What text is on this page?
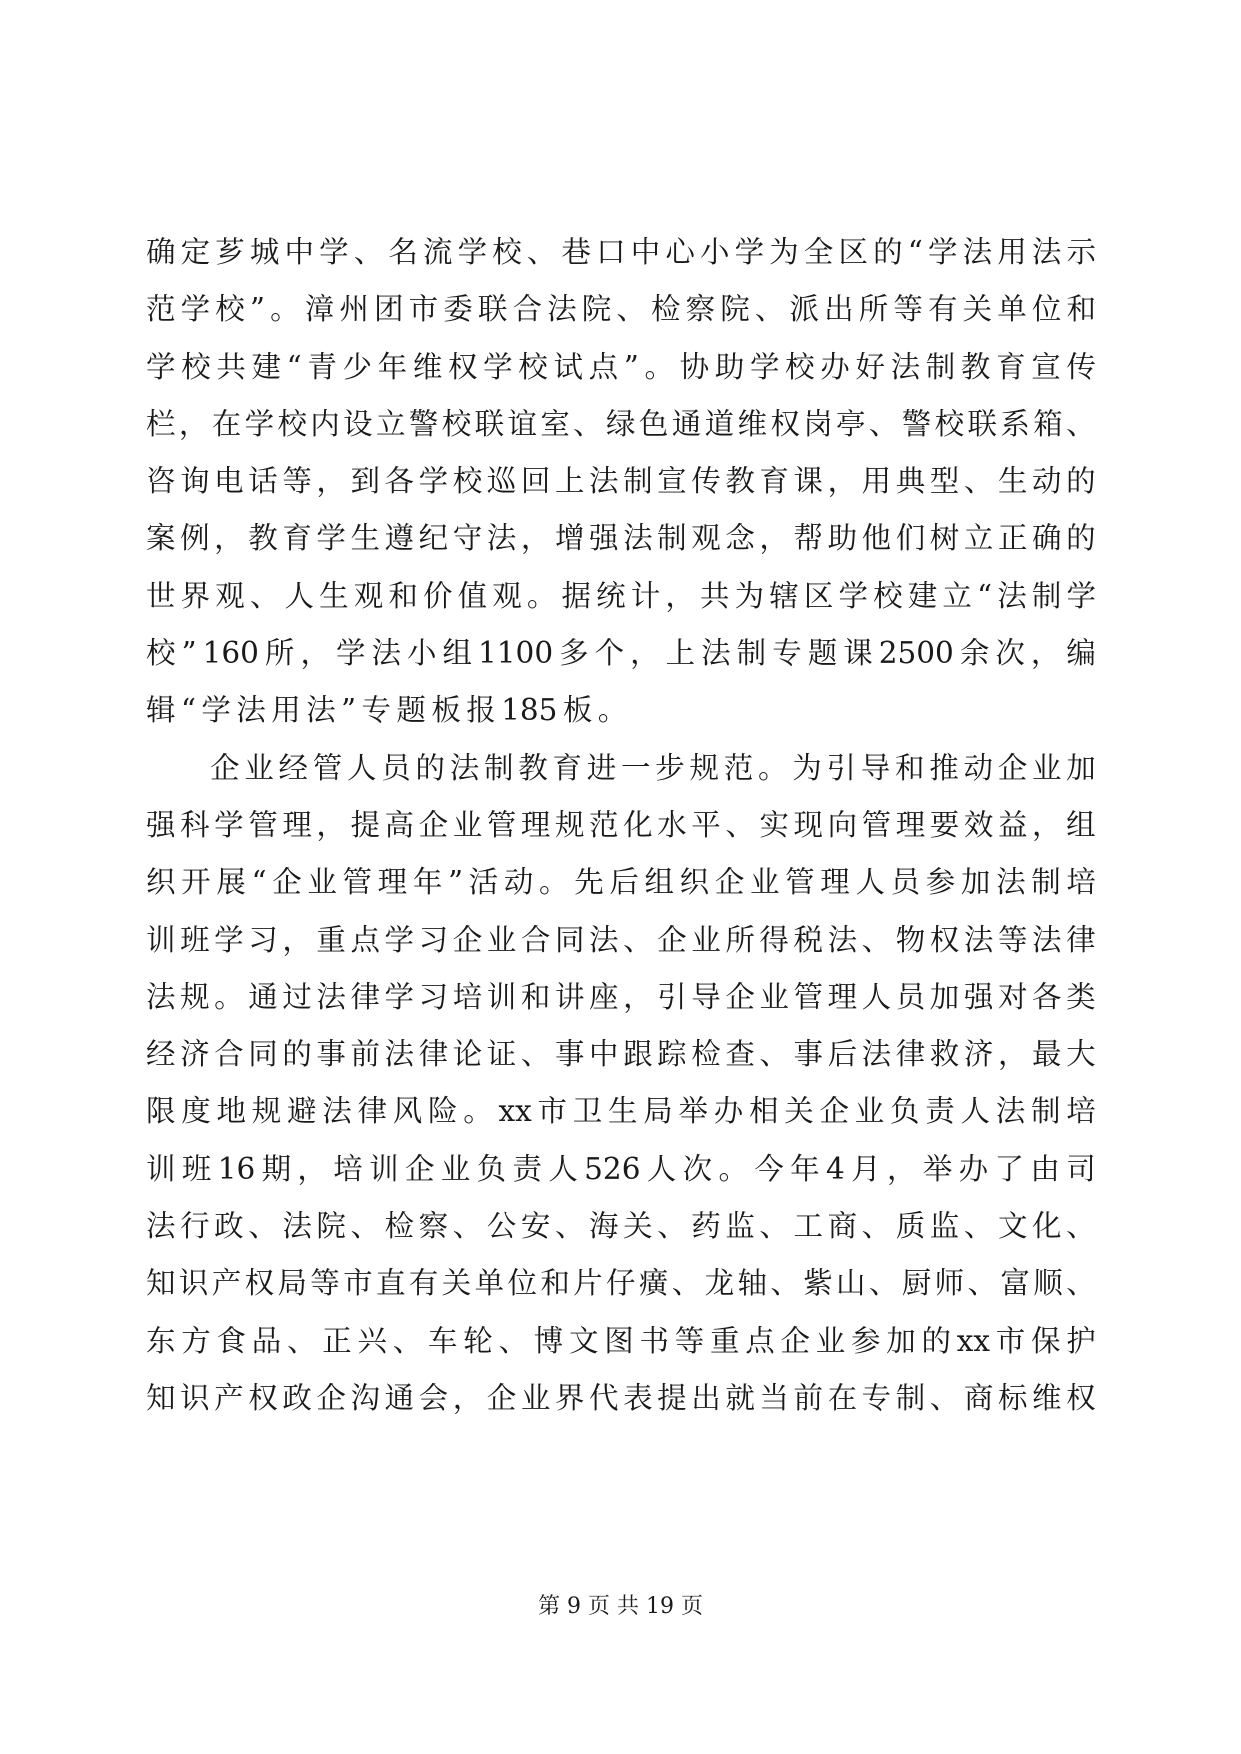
确 定 芗 城 中 学 、 名 流 学 校 、 巷 口 中 心 小 学 为 全 区 的 “ 学 法 用 法 示
范 学 校 ” 。 漳 州 团 市 委 联 合 法 院 、 检 察 院 、 派 出 所 等 有 关 单 位 和
学 校 共 建 “ 青 少 年 维 权 学 校 试 点 ” 。 协 助 学 校 办 好 法 制 教 育 宣 传
栏 ， 在 学 校 内 设 立 警 校 联 谊 室 、 绿 色 通 道 维 权 岗 亭 、 警 校 联 系 箱 、
咨 询 电 话 等 ， 到 各 学 校 巡 回 上 法 制 宣 传 教 育 课 ， 用 典 型 、 生 动 的
案 例 ， 教 育 学 生 遵 纪 守 法 ， 增 强 法 制 观 念 ， 帮 助 他 们 树 立 正 确 的
世 界 观 、 人 生 观 和 价 值 观 。 据 统 计 ， 共 为 辖 区 学 校 建 立 “ 法 制 学
校 ” 160 所 ， 学 法 小 组 1100 多 个 ， 上 法 制 专 题 课 2500 余 次 ， 编
辑 “ 学 法 用 法 ” 专 题 板 报 185 板 。
企 业 经 管 人 员 的 法 制 教 育 进 一 步 规 范 。 为 引 导 和 推 动 企 业 加
强 科 学 管 理 ， 提 高 企 业 管 理 规 范 化 水 平 、 实 现 向 管 理 要 效 益 ， 组
织 开 展 “ 企 业 管 理 年 ” 活 动 。 先 后 组 织 企 业 管 理 人 员 参 加 法 制 培
训 班 学 习 ， 重 点 学 习 企 业 合 同 法 、 企 业 所 得 税 法 、 物 权 法 等 法 律
法 规 。 通 过 法 律 学 习 培 训 和 讲 座 ， 引 导 企 业 管 理 人 员 加 强 对 各 类
经 济 合 同 的 事 前 法 律 论 证 、 事 中 跟 踪 检 查 、 事 后 法 律 救 济 ， 最 大
限 度 地 规 避 法 律 风 险 。 xx 市 卫 生 局 举 办 相 关 企 业 负 责 人 法 制 培
训 班 16 期 ， 培 训 企 业 负 责 人 526 人 次 。 今 年 4 月 ， 举 办 了 由 司
法 行 政 、 法 院 、 检 察 、 公 安 、 海 关 、 药 监 、 工 商 、 质 监 、 文 化 、
知 识 产 权 局 等 市 直 有 关 单 位 和 片 仔 癀 、 龙 轴 、 紫 山 、 厨 师 、 富 顺 、
东 方 食 品 、 正 兴 、 车 轮 、 博 文 图 书 等 重 点 企 业 参 加 的 xx 市 保 护
知 识 产 权 政 企 沟 通 会 ， 企 业 界 代 表 提 出 就 当 前 在 专 制 、 商 标 维 权
第 9 页 共 19 页
